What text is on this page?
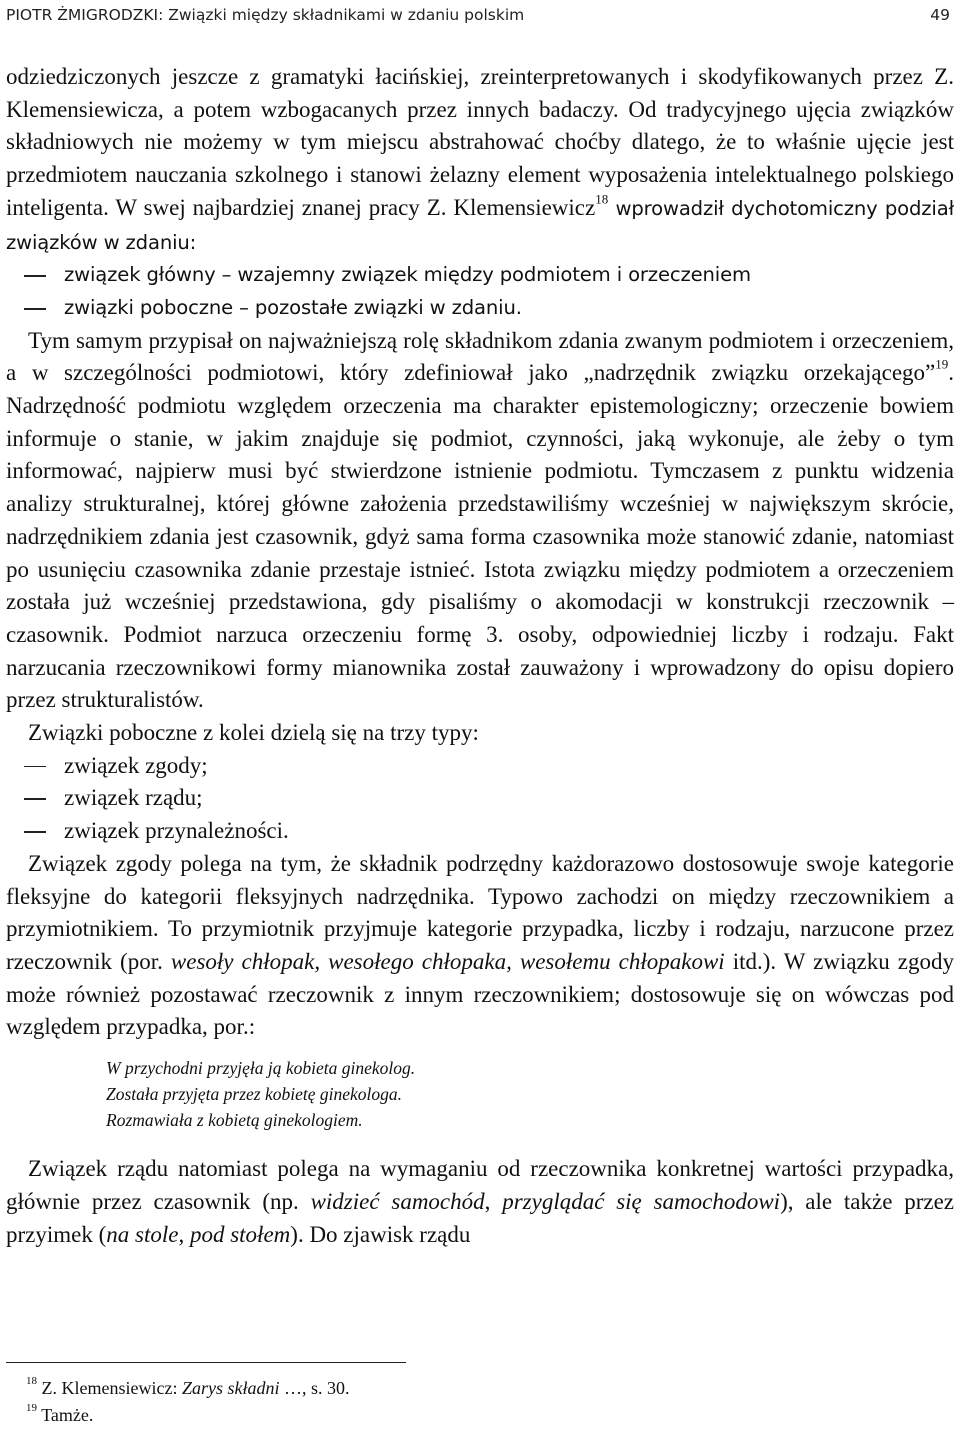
PIOTR ŻMIGRODZKI: Związki między składnikami w zdaniu polskim	49

odziedziczonych jeszcze z gramatyki łacińskiej, zreinterpretowanych i skodyfikowanych przez Z. Klemensiewicza, a potem wzbogacanych przez innych badaczy. Od tradycyjnego ujęcia związków składniowych nie możemy w tym miejscu abstrahować choćby dlatego, że to właśnie ujęcie jest przedmiotem nauczania szkolnego i stanowi żelazny element wyposażenia intelektualnego polskiego inteligenta. W swej najbardziej znanej pracy Z. Klemensiewicz$^{18}$ wprowadził dychotomiczny podział związków w zdaniu:

związek główny – wzajemny związek między podmiotem i orzeczeniem

związki poboczne – pozostałe związki w zdaniu.

Tym samym przypisał on najważniejszą rolę składnikom zdania zwanym podmiotem i orzeczeniem, a w szczególności podmiotowi, który zdefiniował jako „nadrzędnik związku orzekającego”$^{19}$. Nadrzędność podmiotu względem orzeczenia ma charakter epistemologiczny; orzeczenie bowiem informuje o stanie, w jakim znajduje się podmiot, czynności, jaką wykonuje, ale żeby o tym informować, najpierw musi być stwierdzone istnienie podmiotu. Tymczasem z punktu widzenia analizy strukturalnej, której główne założenia przedstawiliśmy wcześniej w największym skrócie, nadrzędnikiem zdania jest czasownik, gdyż sama forma czasownika może stanowić zdanie, natomiast po usunięciu czasownika zdanie przestaje istnieć. Istota związku między podmiotem a orzeczeniem została już wcześniej przedstawiona, gdy pisaliśmy o akomodacji w konstrukcji rzeczownik – czasownik. Podmiot narzuca orzeczeniu formę 3. osoby, odpowiedniej liczby i rodzaju. Fakt narzucania rzeczownikowi formy mianownika został zauważony i wprowadzony do opisu dopiero przez strukturalistów.

Związki poboczne z kolei dzielą się na trzy typy:

związek zgody;

związek rządu;

związek przynależności.

Związek zgody polega na tym, że składnik podrzędny każdorazowo dostosowuje swoje kategorie fleksyjne do kategorii fleksyjnych nadrzędnika. Typowo zachodzi on między rzeczownikiem a przymiotnikiem. To przymiotnik przyjmuje kategorie przypadka, liczby i rodzaju, narzucone przez rzeczownik (por. wesoły chłopak, wesołego chłopaka, wesołemu chłopakowi itd.). W związku zgody może również pozostawać rzeczownik z innym rzeczownikiem; dostosowuje się on wówczas pod względem przypadka, por.:

W przychodni przyjęła ją kobieta ginekolog.
Została przyjęta przez kobietę ginekologa.
Rozmawiała z kobietą ginekologiem.

Związek rządu natomiast polega na wymaganiu od rzeczownika konkretnej wartości przypadka, głównie przez czasownik (np. widzieć samochód, przyglądać się samochodowi), ale także przez przyimek (na stole, pod stołem). Do zjawisk rządu

$^{18}$ Z. Klemensiewicz: Zarys składni …, s. 30.
$^{19}$ Tamże.
